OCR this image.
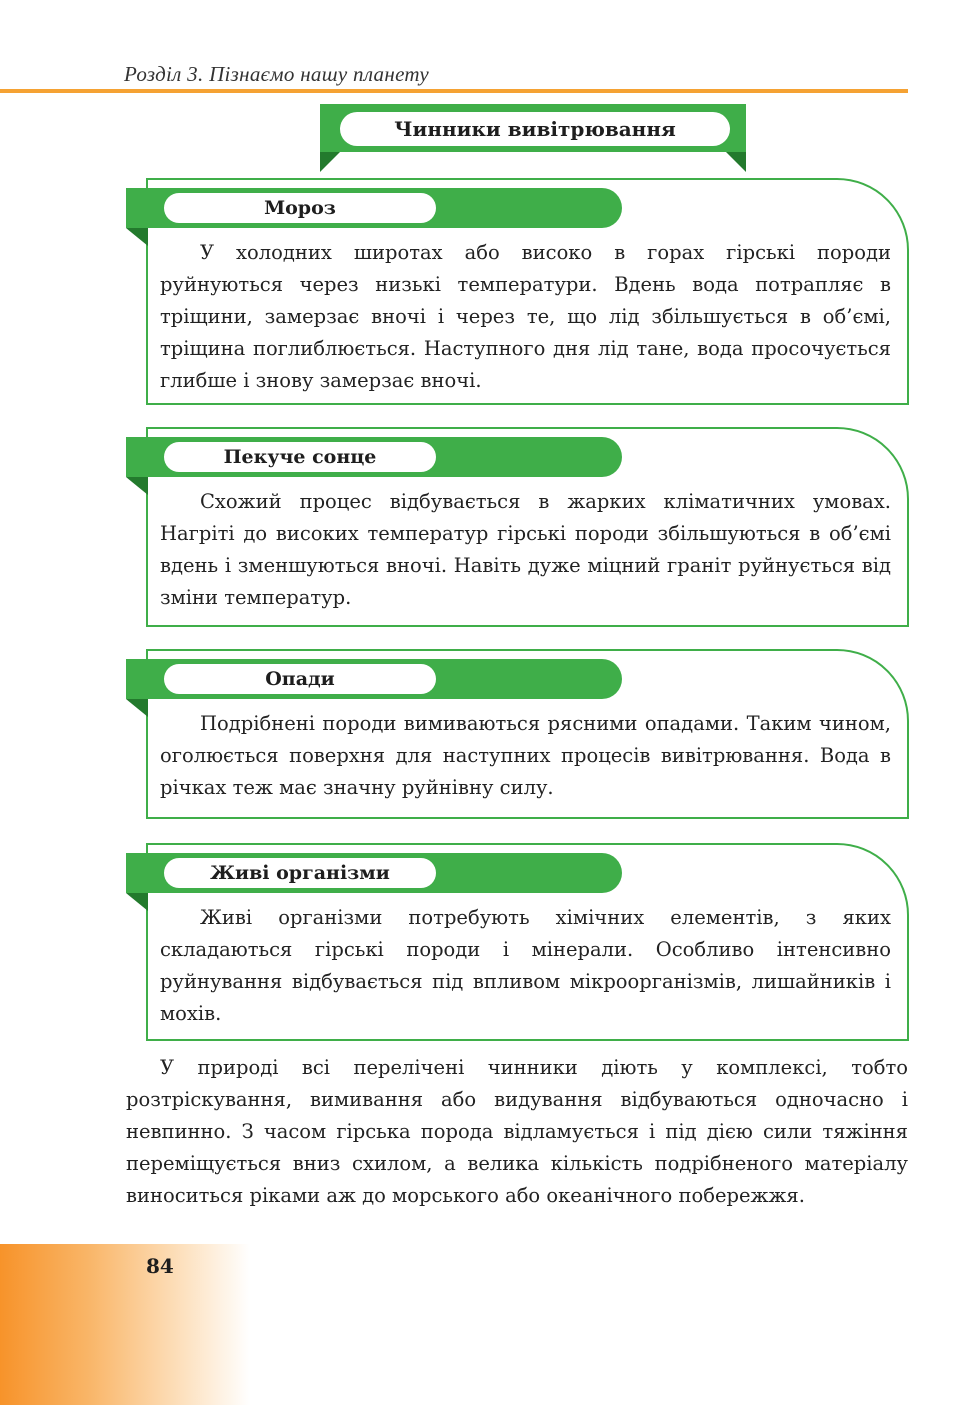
Розділ 3. Пізнаємо нашу планету
Чинники вивітрювання
Мороз
У холодних широтах або високо в горах гірські породи руйнуються через низькі температури. Вдень вода потрапляє в тріщини, замерзає вночі і через те, що лід збільшується в об’ємі, тріщина поглиблюється. Наступного дня лід тане, вода просочується глибше і знову замерзає вночі.
Пекуче сонце
Схожий процес відбувається в жарких кліматичних умовах. Нагріті до високих температур гірські породи збільшуються в об’ємі вдень і зменшуються вночі. Навіть дуже міцний граніт руйнується від зміни температур.
Опади
Подрібнені породи вимиваються рясними опадами. Таким чином, оголюється поверхня для наступних процесів вивітрювання. Вода в річках теж має значну руйнівну силу.
Живі організми
Живі організми потребують хімічних елементів, з яких складаються гірські породи і мінерали. Особливо інтенсивно руйнування відбувається під впливом мікроорганізмів, лишайників і мохів.
У природі всі перелічені чинники діють у комплексі, тобто розтріскування, вимивання або видування відбуваються одночасно і невпинно. З часом гірська порода відламується і під дією сили тяжіння переміщується вниз схилом, а велика кількість подрібненого матеріалу виноситься ріками аж до морського або океанічного побережжя.
84
